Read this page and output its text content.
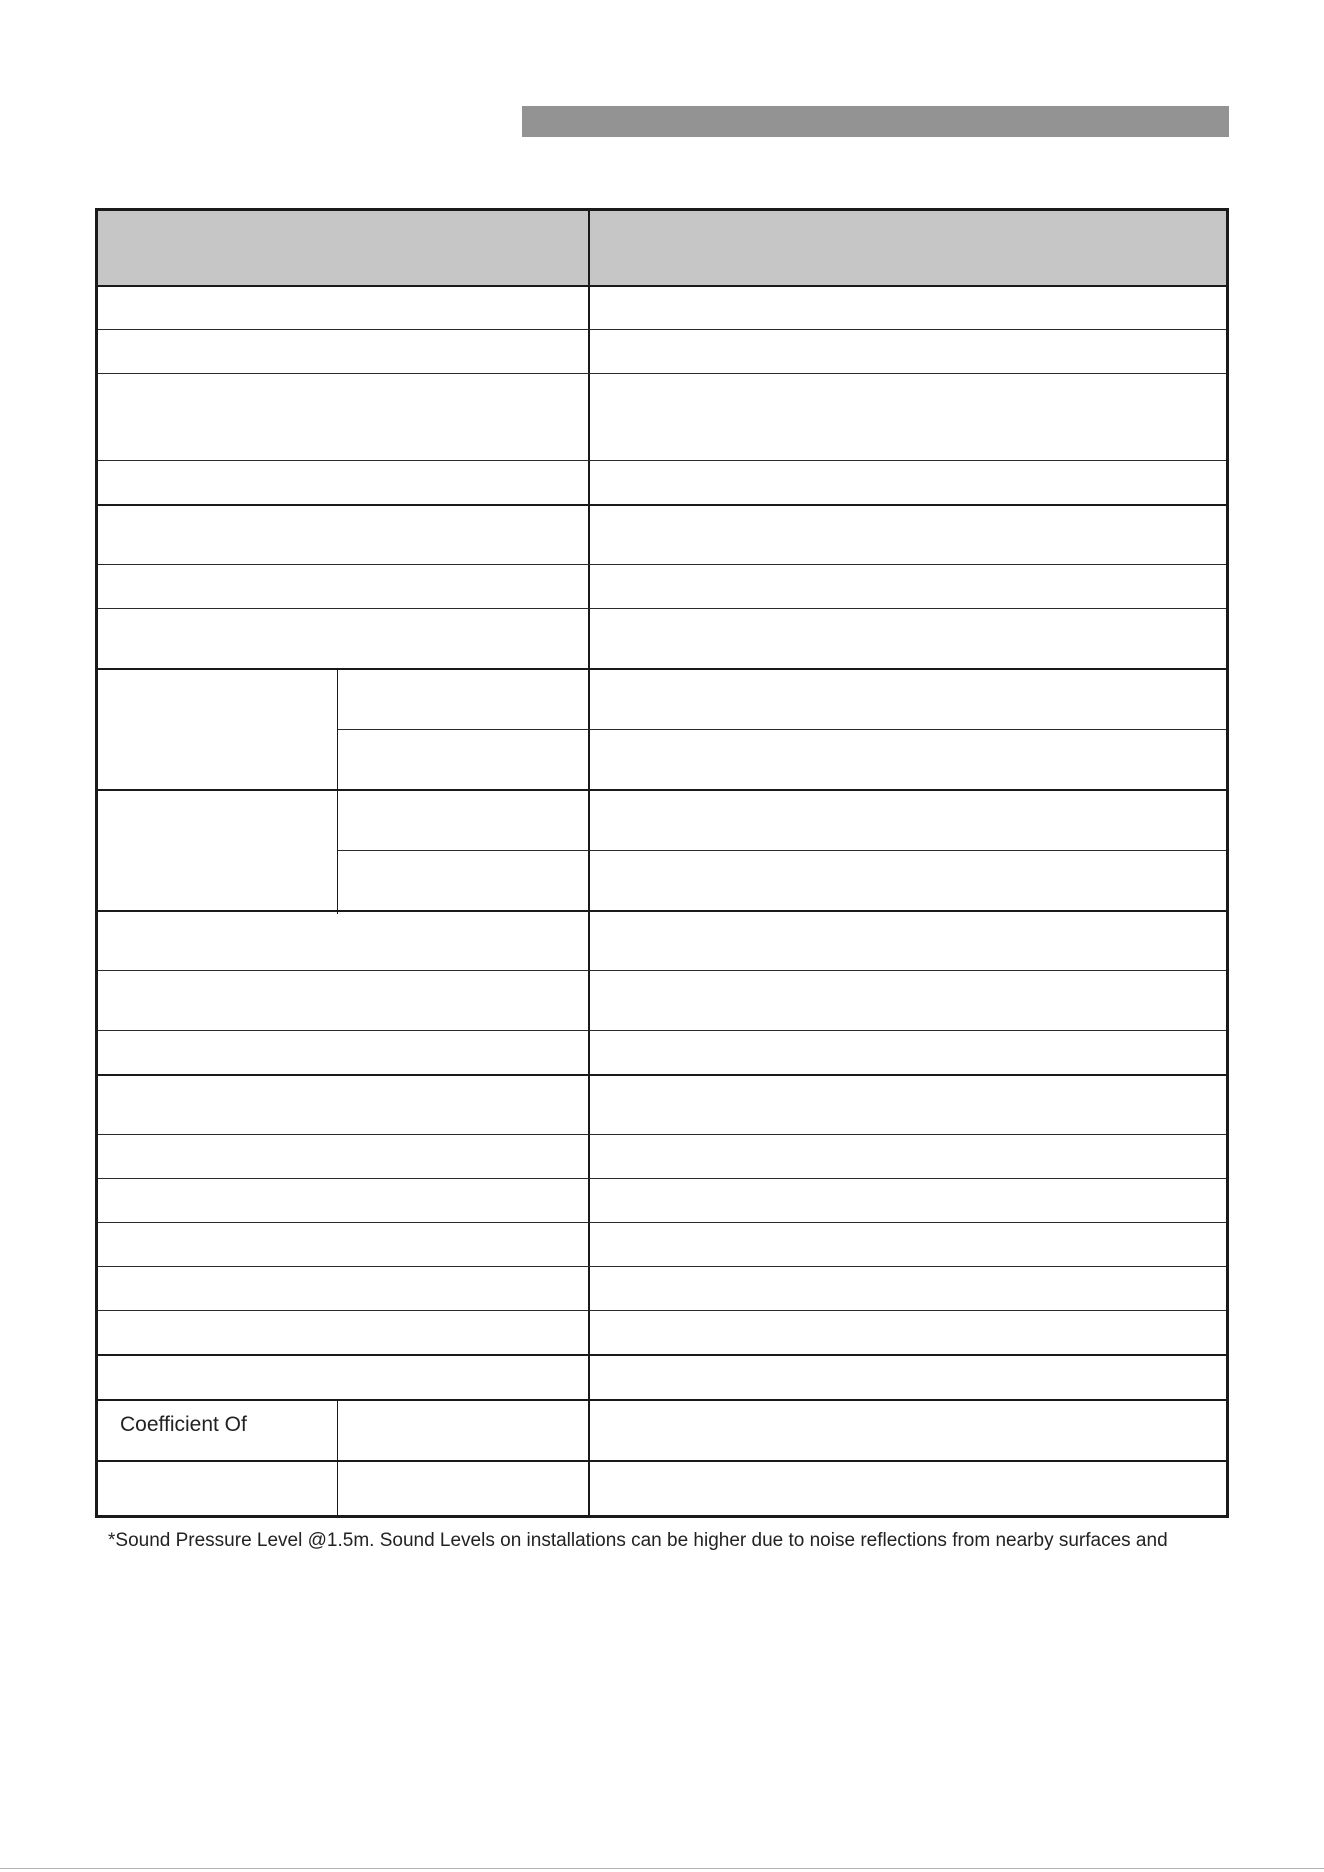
Coefficient Of
*Sound Pressure Level @1.5m. Sound Levels on installations can be higher due to noise reflections from nearby surfaces and
